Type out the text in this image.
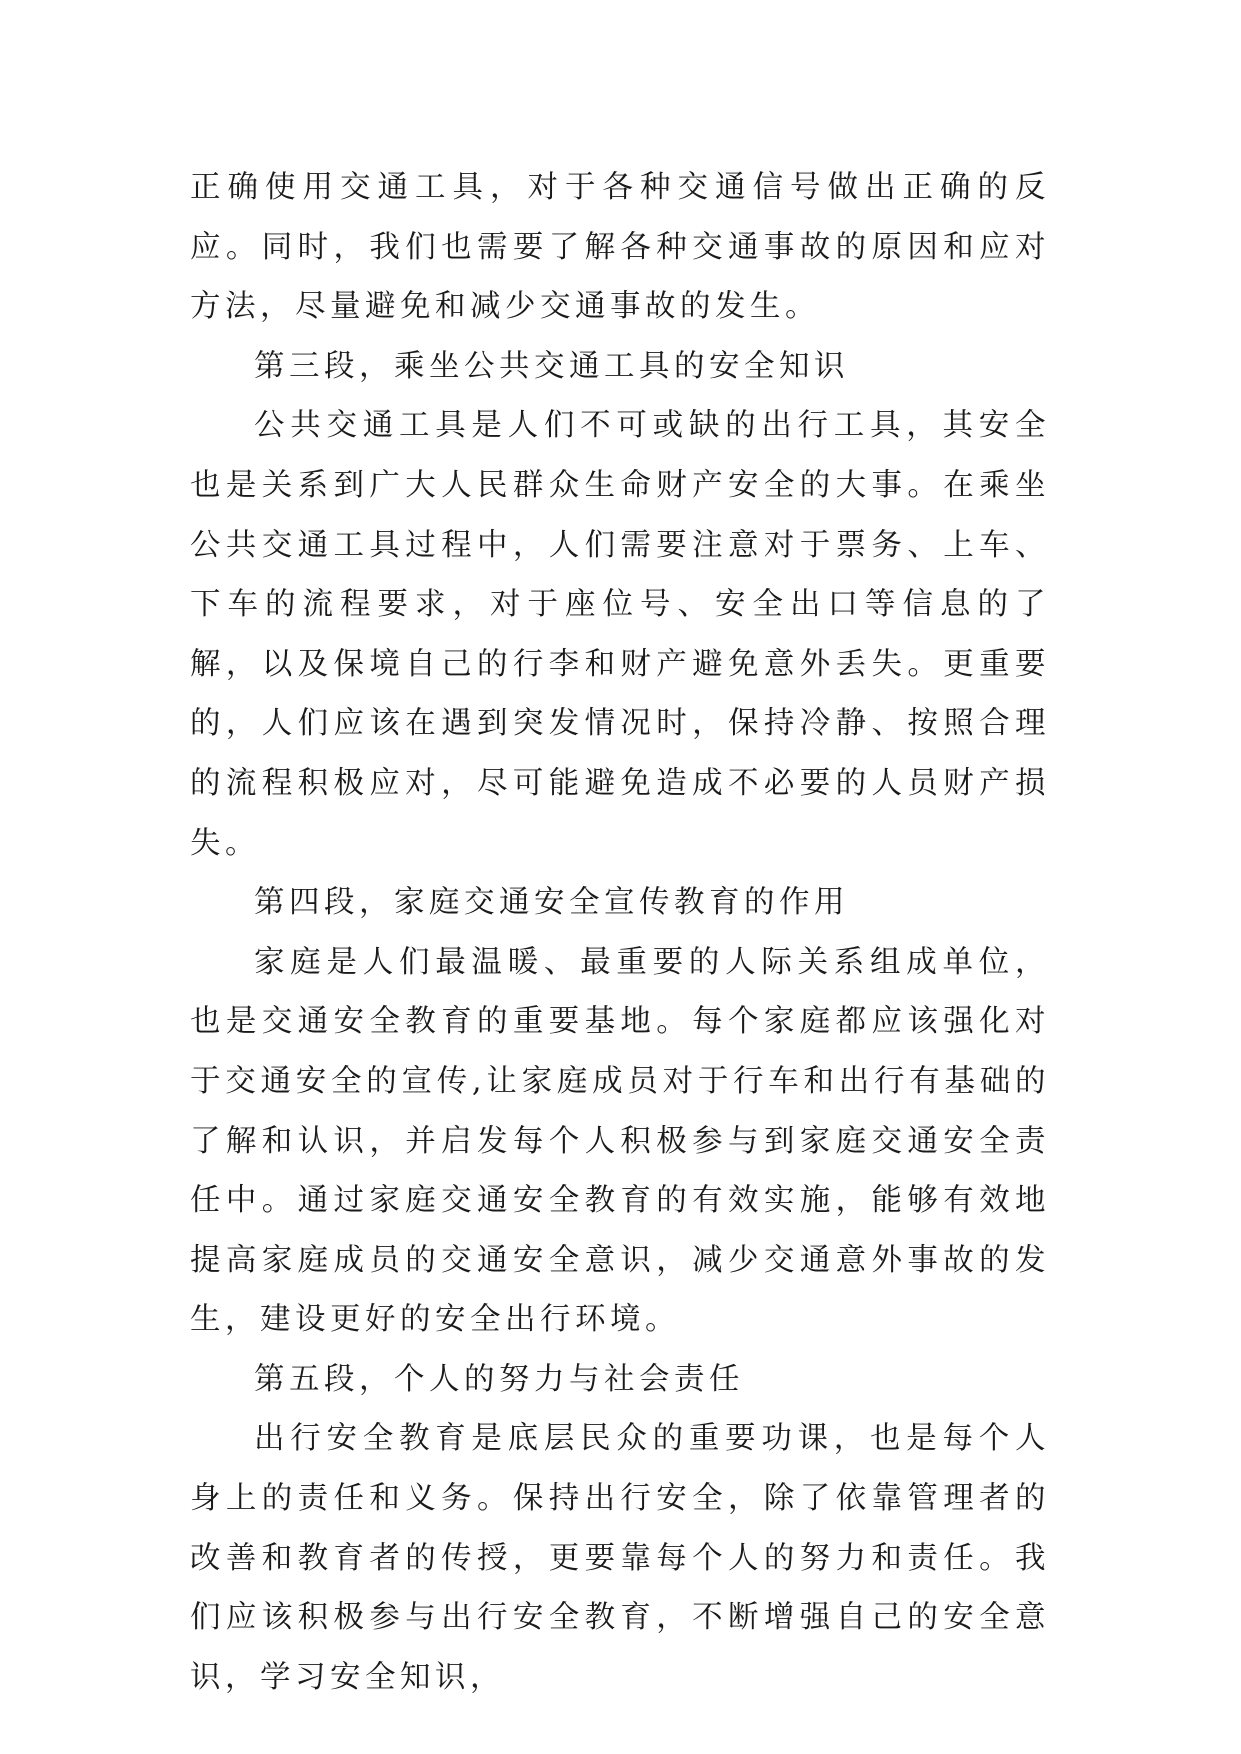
正确使用交通工具，对于各种交通信号做出正确的反应。同时，我们也需要了解各种交通事故的原因和应对方法，尽量避免和减少交通事故的发生。

第三段，乘坐公共交通工具的安全知识

公共交通工具是人们不可或缺的出行工具，其安全也是关系到广大人民群众生命财产安全的大事。在乘坐公共交通工具过程中，人们需要注意对于票务、上车、下车的流程要求，对于座位号、安全出口等信息的了解，以及保境自己的行李和财产避免意外丢失。更重要的，人们应该在遇到突发情况时，保持冷静、按照合理的流程积极应对，尽可能避免造成不必要的人员财产损失。

第四段，家庭交通安全宣传教育的作用

家庭是人们最温暖、最重要的人际关系组成单位，也是交通安全教育的重要基地。每个家庭都应该强化对于交通安全的宣传,让家庭成员对于行车和出行有基础的了解和认识，并启发每个人积极参与到家庭交通安全责任中。通过家庭交通安全教育的有效实施，能够有效地提高家庭成员的交通安全意识，减少交通意外事故的发生，建设更好的安全出行环境。

第五段，个人的努力与社会责任

出行安全教育是底层民众的重要功课，也是每个人身上的责任和义务。保持出行安全，除了依靠管理者的改善和教育者的传授，更要靠每个人的努力和责任。我们应该积极参与出行安全教育，不断增强自己的安全意识，学习安全知识，
